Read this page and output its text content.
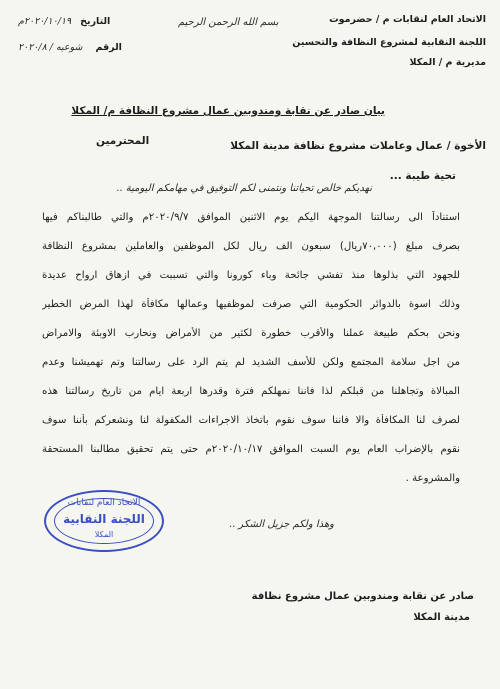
الاتحاد العام لنقابات م / حضرموت
بسم الله الرحمن الرحيم
اللجنة النقابية لمشروع النظافة والتحسين
مديرية م / المكلا
التاريخ ٢٠٢٠/١٠/١٩م
الرقم شوعيه / ٢٠٢٠/٨
بيان صادر عن نقابة ومندوبين عمال مشروع النظافة م/ المكلا
الأخوة / عمال وعاملات مشروع نظافة مدينة المكلا
المحترمين
تحية طيبة ...
نهديكم خالص تحياتنا ونتمنى لكم التوفيق في مهامكم اليومية ..
استناداً الى رسالتنا الموجهة اليكم يوم الاثنين الموافق ٢٠٢٠/٩/٧م والتي طالبناكم فيها
بصرف مبلغ (٧٠,٠٠٠ريال) سبعون الف ريال لكل الموظفين والعاملين بمشروع النظافة
للجهود التي بذلوها منذ تفشي جائحة وباء كورونا والتي تسببت في ازهاق ارواح عديدة
وذلك اسوة بالدوائر الحكومية التي صرفت لموظفيها وعمالها مكافأة لهذا المرض الخطير
ونحن بحكم طبيعة عملنا والأقرب خطورة لكثير من الأمراض ونحارب الاوبئة والامراض
من اجل سلامة المجتمع ولكن للأسف الشديد لم يتم الرد على رسالتنا وتم تهميشنا وعدم
المبالاة وتجاهلنا من قبلكم لذا فاننا نمهلكم فترة وقدرها اربعة ايام من تاريخ رسالتنا هذه
لصرف لنا المكافأة والا فاننا سوف نقوم باتخاذ الاجراءات المكفولة لنا ونشعركم بأننا سوف
نقوم بالإضراب العام يوم السبت الموافق ٢٠٢٠/١٠/١٧م حتى يتم تحقيق مطالبنا المستحقة
والمشروعة .
وهذا ولكم جزيل الشكر ..
الاتحاد العام لنقابات
اللجنة النقابية
المكلا
صادر عن نقابة ومندوبين عمال مشروع نظافة
مدينة المكلا
